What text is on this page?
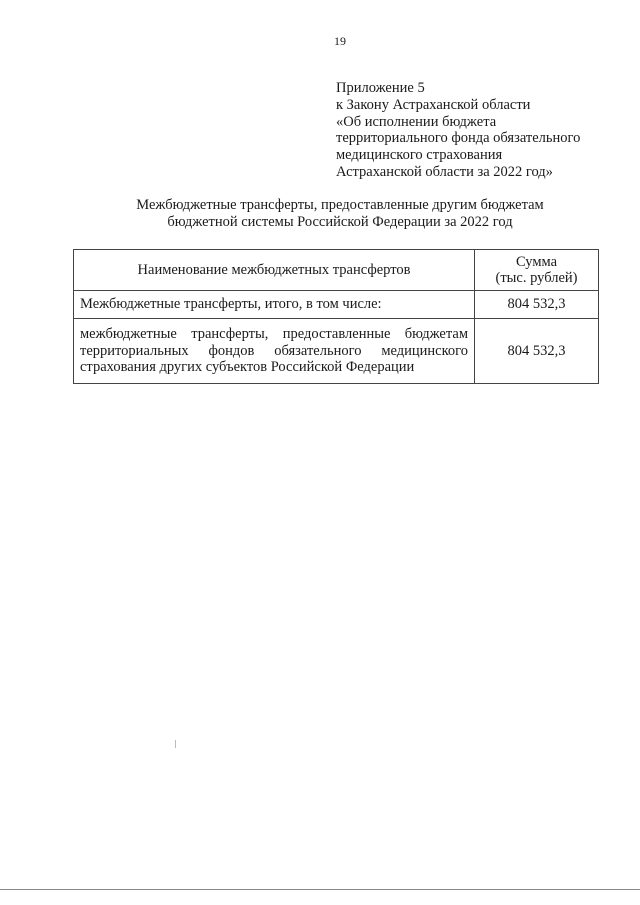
19
Приложение 5
к Закону Астраханской области
«Об исполнении бюджета
территориального фонда обязательного
медицинского страхования
Астраханской области за 2022 год»
Межбюджетные трансферты, предоставленные другим бюджетам
бюджетной системы Российской Федерации за 2022 год
Наименование межбюджетных трансфертов	Сумма
(тыс. рублей)

Межбюджетные трансферты, итого, в том числе:	804 532,3
межбюджетные трансферты, предоставленные бюджетам территориальных фондов обязательного медицинского страхования других субъектов Российской Федерации	804 532,3
